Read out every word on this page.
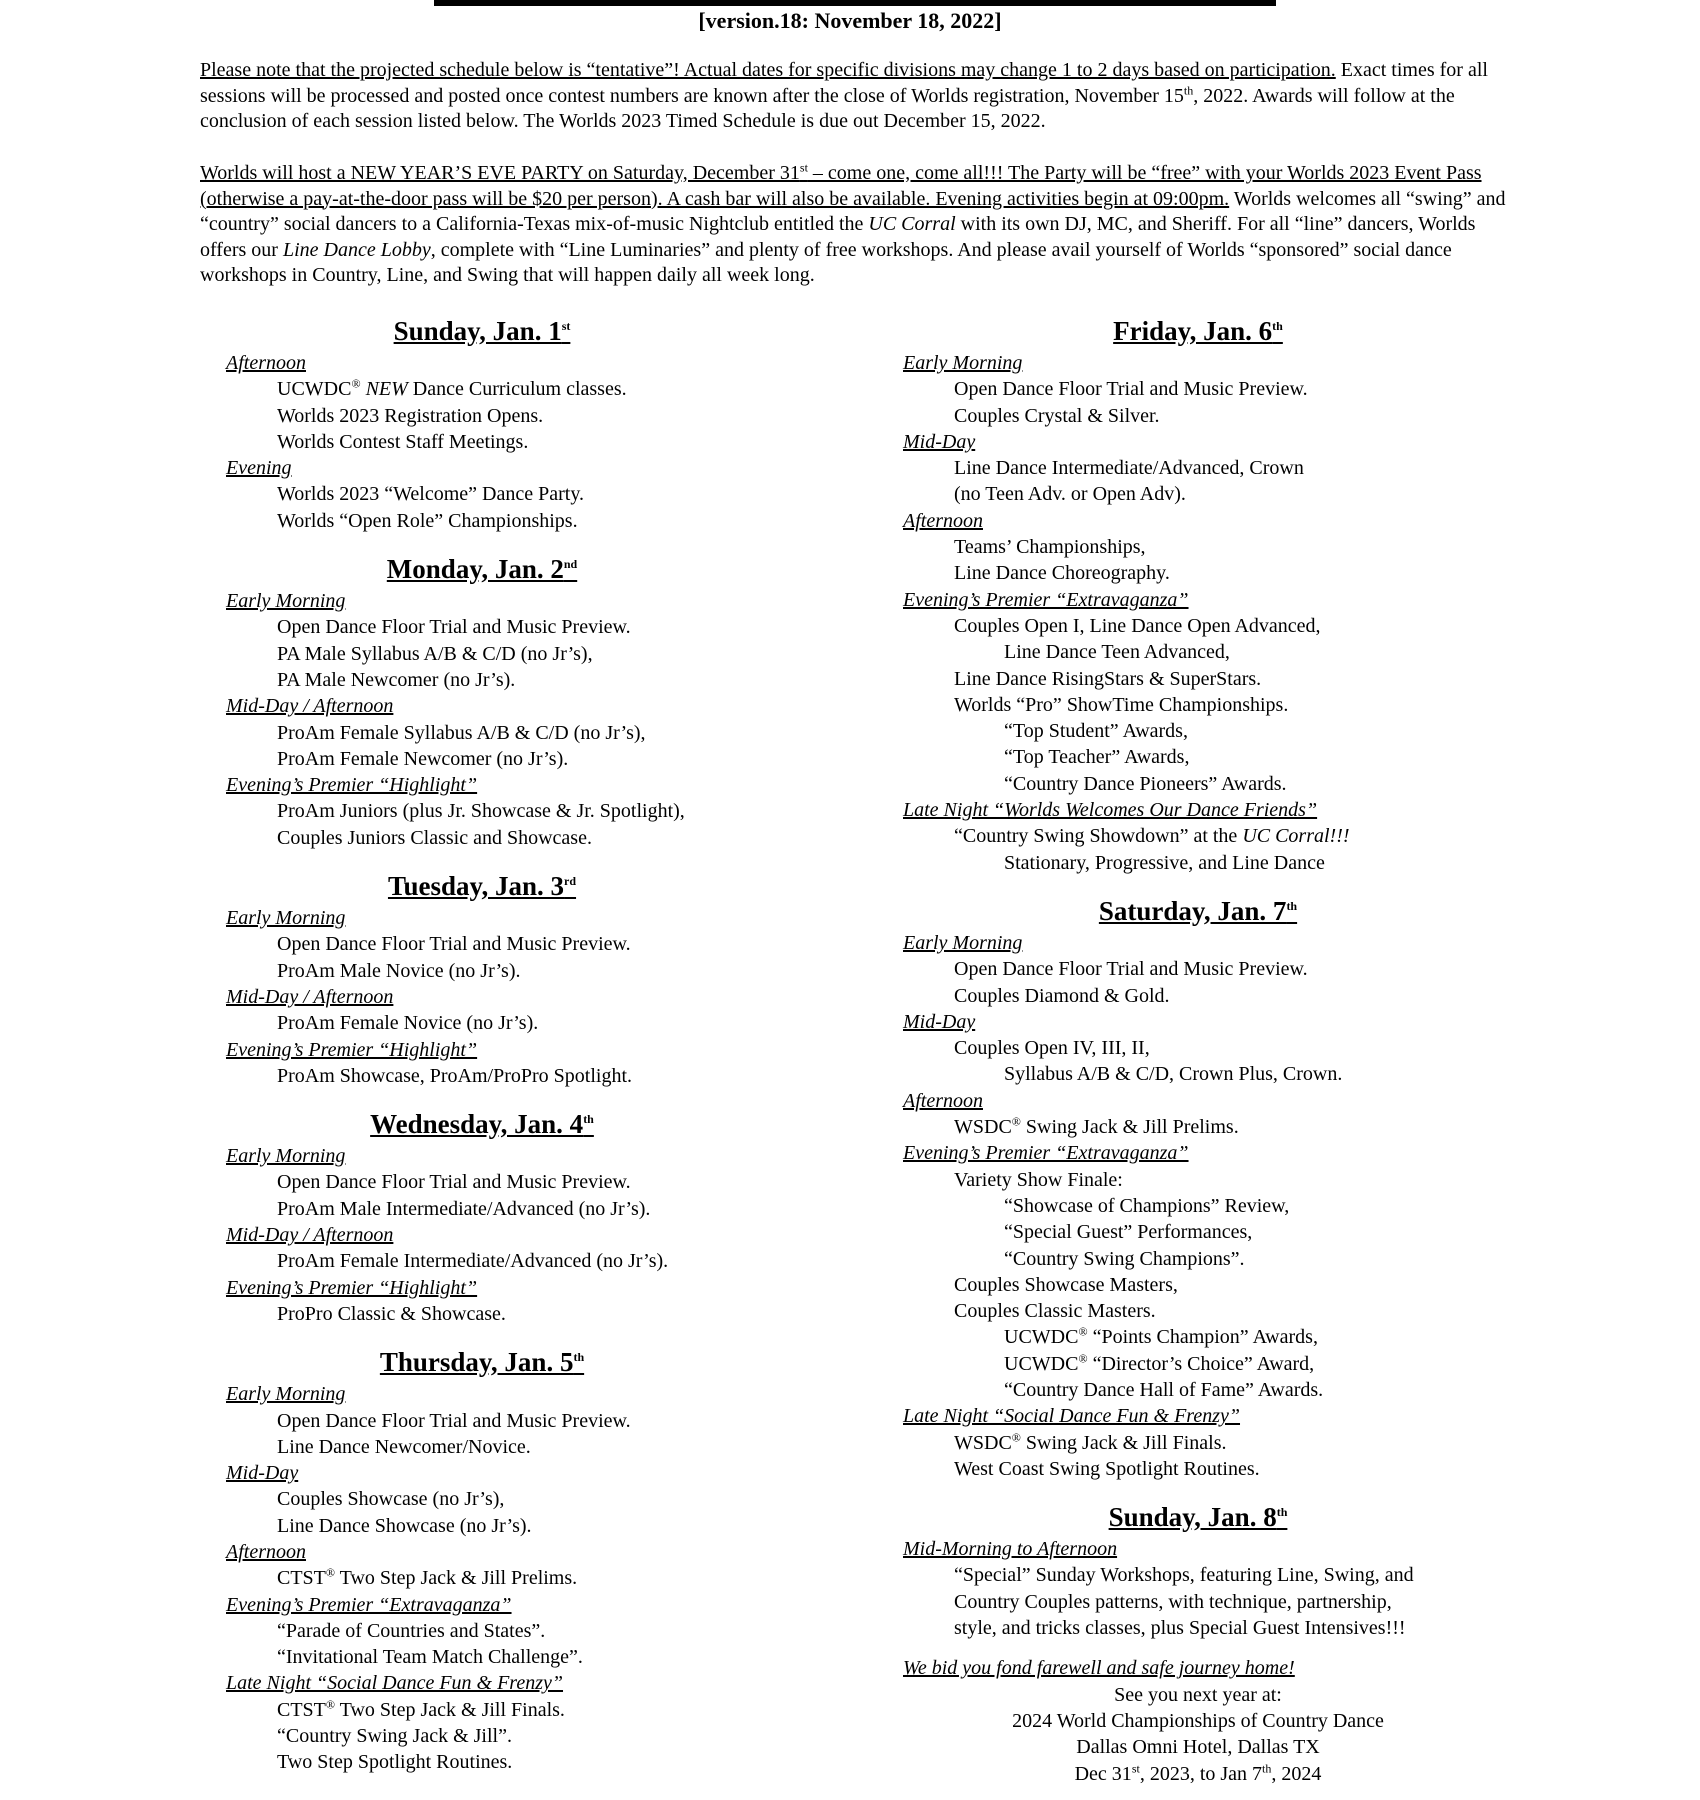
[version.18: November 18, 2022]

Please note that the projected schedule below is “tentative”! Actual dates for specific divisions may change 1 to 2 days based on participation. Exact times for all sessions will be processed and posted once contest numbers are known after the close of Worlds registration, November 15th, 2022. Awards will follow at the conclusion of each session listed below. The Worlds 2023 Timed Schedule is due out December 15, 2022.

Worlds will host a NEW YEAR’S EVE PARTY on Saturday, December 31st – come one, come all!!! The Party will be “free” with your Worlds 2023 Event Pass (otherwise a pay-at-the-door pass will be $20 per person). A cash bar will also be available. Evening activities begin at 09:00pm. Worlds welcomes all “swing” and “country” social dancers to a California-Texas mix-of-music Nightclub entitled the UC Corral with its own DJ, MC, and Sheriff. For all “line” dancers, Worlds offers our Line Dance Lobby, complete with “Line Luminaries” and plenty of free workshops. And please avail yourself of Worlds “sponsored” social dance workshops in Country, Line, and Swing that will happen daily all week long.

Sunday, Jan. 1st
Afternoon
UCWDC® NEW Dance Curriculum classes.
Worlds 2023 Registration Opens.
Worlds Contest Staff Meetings.
Evening
Worlds 2023 “Welcome” Dance Party.
Worlds “Open Role” Championships.
Monday, Jan. 2nd
Early Morning
Open Dance Floor Trial and Music Preview.
PA Male Syllabus A/B & C/D (no Jr’s),
PA Male Newcomer (no Jr’s).
Mid-Day / Afternoon
ProAm Female Syllabus A/B & C/D (no Jr’s),
ProAm Female Newcomer (no Jr’s).
Evening’s Premier “Highlight”
ProAm Juniors (plus Jr. Showcase & Jr. Spotlight),
Couples Juniors Classic and Showcase.
Tuesday, Jan. 3rd
Early Morning
Open Dance Floor Trial and Music Preview.
ProAm Male Novice (no Jr’s).
Mid-Day / Afternoon
ProAm Female Novice (no Jr’s).
Evening’s Premier “Highlight”
ProAm Showcase, ProAm/ProPro Spotlight.
Wednesday, Jan. 4th
Early Morning
Open Dance Floor Trial and Music Preview.
ProAm Male Intermediate/Advanced (no Jr’s).
Mid-Day / Afternoon
ProAm Female Intermediate/Advanced (no Jr’s).
Evening’s Premier “Highlight”
ProPro Classic & Showcase.
Thursday, Jan. 5th
Early Morning
Open Dance Floor Trial and Music Preview.
Line Dance Newcomer/Novice.
Mid-Day
Couples Showcase (no Jr’s),
Line Dance Showcase (no Jr’s).
Afternoon
CTST® Two Step Jack & Jill Prelims.
Evening’s Premier “Extravaganza”
“Parade of Countries and States”.
“Invitational Team Match Challenge”.
Late Night “Social Dance Fun & Frenzy”
CTST® Two Step Jack & Jill Finals.
“Country Swing Jack & Jill”.
Two Step Spotlight Routines.
Friday, Jan. 6th
Early Morning
Open Dance Floor Trial and Music Preview.
Couples Crystal & Silver.
Mid-Day
Line Dance Intermediate/Advanced, Crown
(no Teen Adv. or Open Adv).
Afternoon
Teams’ Championships,
Line Dance Choreography.
Evening’s Premier “Extravaganza”
Couples Open I, Line Dance Open Advanced,
Line Dance Teen Advanced,
Line Dance RisingStars & SuperStars.
Worlds “Pro” ShowTime Championships.
“Top Student” Awards,
“Top Teacher” Awards,
“Country Dance Pioneers” Awards.
Late Night “Worlds Welcomes Our Dance Friends”
“Country Swing Showdown” at the UC Corral!!!
Stationary, Progressive, and Line Dance
Saturday, Jan. 7th
Early Morning
Open Dance Floor Trial and Music Preview.
Couples Diamond & Gold.
Mid-Day
Couples Open IV, III, II,
Syllabus A/B & C/D, Crown Plus, Crown.
Afternoon
WSDC® Swing Jack & Jill Prelims.
Evening’s Premier “Extravaganza”
Variety Show Finale:
“Showcase of Champions” Review,
“Special Guest” Performances,
“Country Swing Champions”.
Couples Showcase Masters,
Couples Classic Masters.
UCWDC® “Points Champion” Awards,
UCWDC® “Director’s Choice” Award,
“Country Dance Hall of Fame” Awards.
Late Night “Social Dance Fun & Frenzy”
WSDC® Swing Jack & Jill Finals.
West Coast Swing Spotlight Routines.
Sunday, Jan. 8th
Mid-Morning to Afternoon
“Special” Sunday Workshops, featuring Line, Swing, and
Country Couples patterns, with technique, partnership,
style, and tricks classes, plus Special Guest Intensives!!!
We bid you fond farewell and safe journey home!
See you next year at:
2024 World Championships of Country Dance
Dallas Omni Hotel, Dallas TX
Dec 31st, 2023, to Jan 7th, 2024
